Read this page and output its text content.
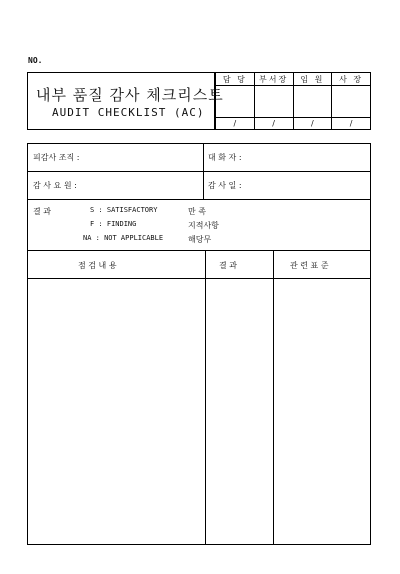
NO.
내부 품질 감사 체크리스트
AUDIT CHECKLIST (AC)
담 당	부서장	임 원	사 장

/	/	/	/
피감사 조직 :	대 화 자 :
감 사 요 원 :	감 사 일 :
결 과	S : SATISFACTORY	만 족
F : FINDING	지적사항
NA : NOT APPLICABLE	해당무
점 검 내 용	결 과	관 련 표 준
